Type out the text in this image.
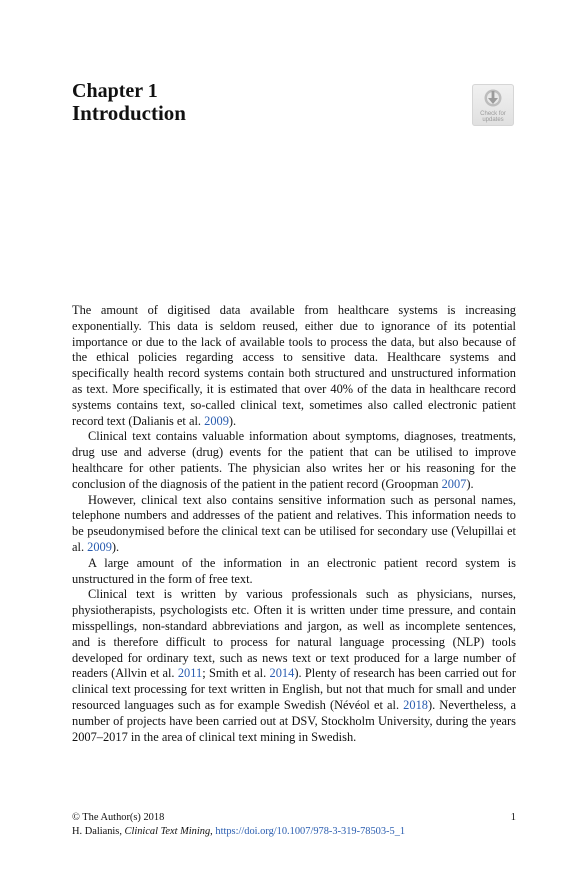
Chapter 1
Introduction	Check for
updates

The amount of digitised data available from healthcare systems is increasing exponentially. This data is seldom reused, either due to ignorance of its potential importance or due to the lack of available tools to process the data, but also because of the ethical policies regarding access to sensitive data. Healthcare systems and specifically health record systems contain both structured and unstructured information as text. More specifically, it is estimated that over 40% of the data in healthcare record systems contains text, so-called clinical text, sometimes also called electronic patient record text (Dalianis et al. 2009).

Clinical text contains valuable information about symptoms, diagnoses, treatments, drug use and adverse (drug) events for the patient that can be utilised to improve healthcare for other patients. The physician also writes her or his reasoning for the conclusion of the diagnosis of the patient in the patient record (Groopman 2007).

However, clinical text also contains sensitive information such as personal names, telephone numbers and addresses of the patient and relatives. This information needs to be pseudonymised before the clinical text can be utilised for secondary use (Velupillai et al. 2009).

A large amount of the information in an electronic patient record system is unstructured in the form of free text.

Clinical text is written by various professionals such as physicians, nurses, physiotherapists, psychologists etc. Often it is written under time pressure, and contain misspellings, non-standard abbreviations and jargon, as well as incomplete sentences, and is therefore difficult to process for natural language processing (NLP) tools developed for ordinary text, such as news text or text produced for a large number of readers (Allvin et al. 2011; Smith et al. 2014). Plenty of research has been carried out for clinical text processing for text written in English, but not that much for small and under resourced languages such as for example Swedish (Névéol et al. 2018). Nevertheless, a number of projects have been carried out at DSV, Stockholm University, during the years 2007–2017 in the area of clinical text mining in Swedish.

© The Author(s) 2018
H. Dalianis, Clinical Text Mining, https://doi.org/10.1007/978-3-319-78503-5_1
1
